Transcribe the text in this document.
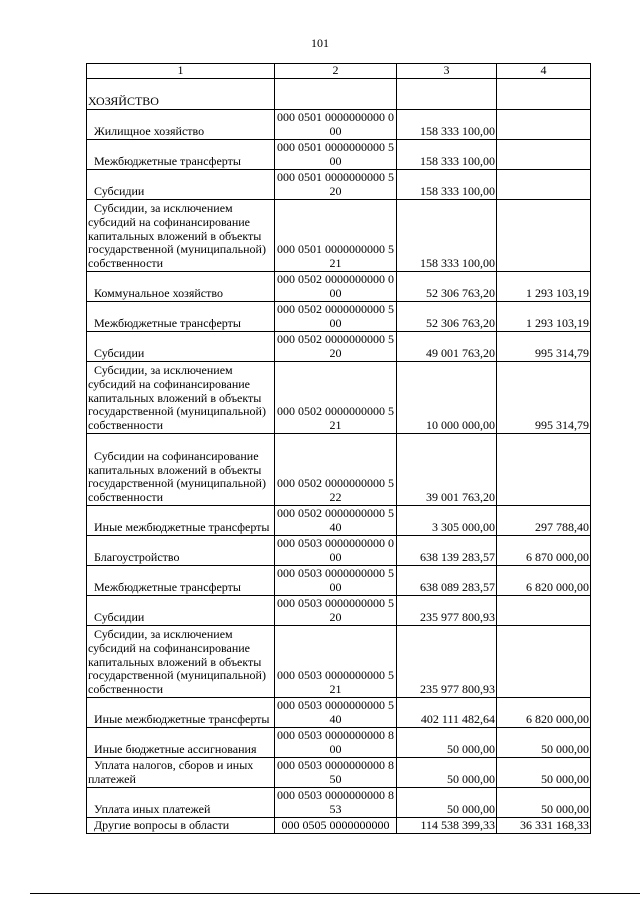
101
1	2	3	4
ХОЗЯЙСТВО			
Жилищное хозяйство	000 0501 0000000000 000	158 333 100,00	
Межбюджетные трансферты	000 0501 0000000000 500	158 333 100,00	
Субсидии	000 0501 0000000000 520	158 333 100,00	
Субсидии, за исключением субсидий на софинансирование капитальных вложений в объекты государственной (муниципальной) собственности	000 0501 0000000000 521	158 333 100,00	
Коммунальное хозяйство	000 0502 0000000000 000	52 306 763,20	1 293 103,19
Межбюджетные трансферты	000 0502 0000000000 500	52 306 763,20	1 293 103,19
Субсидии	000 0502 0000000000 520	49 001 763,20	995 314,79
Субсидии, за исключением субсидий на софинансирование капитальных вложений в объекты государственной (муниципальной) собственности	000 0502 0000000000 521	10 000 000,00	995 314,79
Субсидии на софинансирование капитальных вложений в объекты государственной (муниципальной) собственности	000 0502 0000000000 522	39 001 763,20	
Иные межбюджетные трансферты	000 0502 0000000000 540	3 305 000,00	297 788,40
Благоустройство	000 0503 0000000000 000	638 139 283,57	6 870 000,00
Межбюджетные трансферты	000 0503 0000000000 500	638 089 283,57	6 820 000,00
Субсидии	000 0503 0000000000 520	235 977 800,93	
Субсидии, за исключением субсидий на софинансирование капитальных вложений в объекты государственной (муниципальной) собственности	000 0503 0000000000 521	235 977 800,93	
Иные межбюджетные трансферты	000 0503 0000000000 540	402 111 482,64	6 820 000,00
Иные бюджетные ассигнования	000 0503 0000000000 800	50 000,00	50 000,00
Уплата налогов, сборов и иных платежей	000 0503 0000000000 850	50 000,00	50 000,00
Уплата иных платежей	000 0503 0000000000 853	50 000,00	50 000,00
Другие вопросы в области	000 0505 0000000000	114 538 399,33	36 331 168,33
